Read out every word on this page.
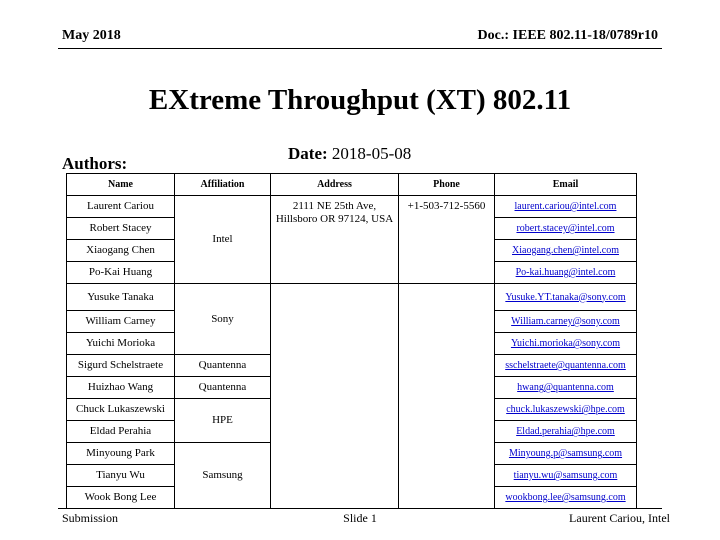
May 2018	Doc.: IEEE 802.11-18/0789r10
EXtreme Throughput (XT) 802.11
Date: 2018-05-08
Authors:
Name	Affiliation	Address	Phone	Email
Laurent Cariou	Intel	2111 NE 25th Ave, Hillsboro OR 97124, USA	+1-503-712-5560	laurent.cariou@intel.com
Robert Stacey				robert.stacey@intel.com
Xiaogang Chen				Xiaogang.chen@intel.com
Po-Kai Huang				Po-kai.huang@intel.com
Yusuke Tanaka	Sony			Yusuke.YT.tanaka@sony.com
William Carney				William.carney@sony.com
Yuichi Morioka				Yuichi.morioka@sony.com
Sigurd Schelstraete	Quantenna			sschelstraete@quantenna.com
Huizhao Wang	Quantenna			hwang@quantenna.com
Chuck Lukaszewski	HPE			chuck.lukaszewski@hpe.com
Eldad Perahia				Eldad.perahia@hpe.com
Minyoung Park	Samsung			Minyoung.p@samsung.com
Tianyu Wu				tianyu.wu@samsung.com
Wook Bong Lee				wookbong.lee@samsung.com
Submission	Slide 1	Laurent Cariou, Intel
